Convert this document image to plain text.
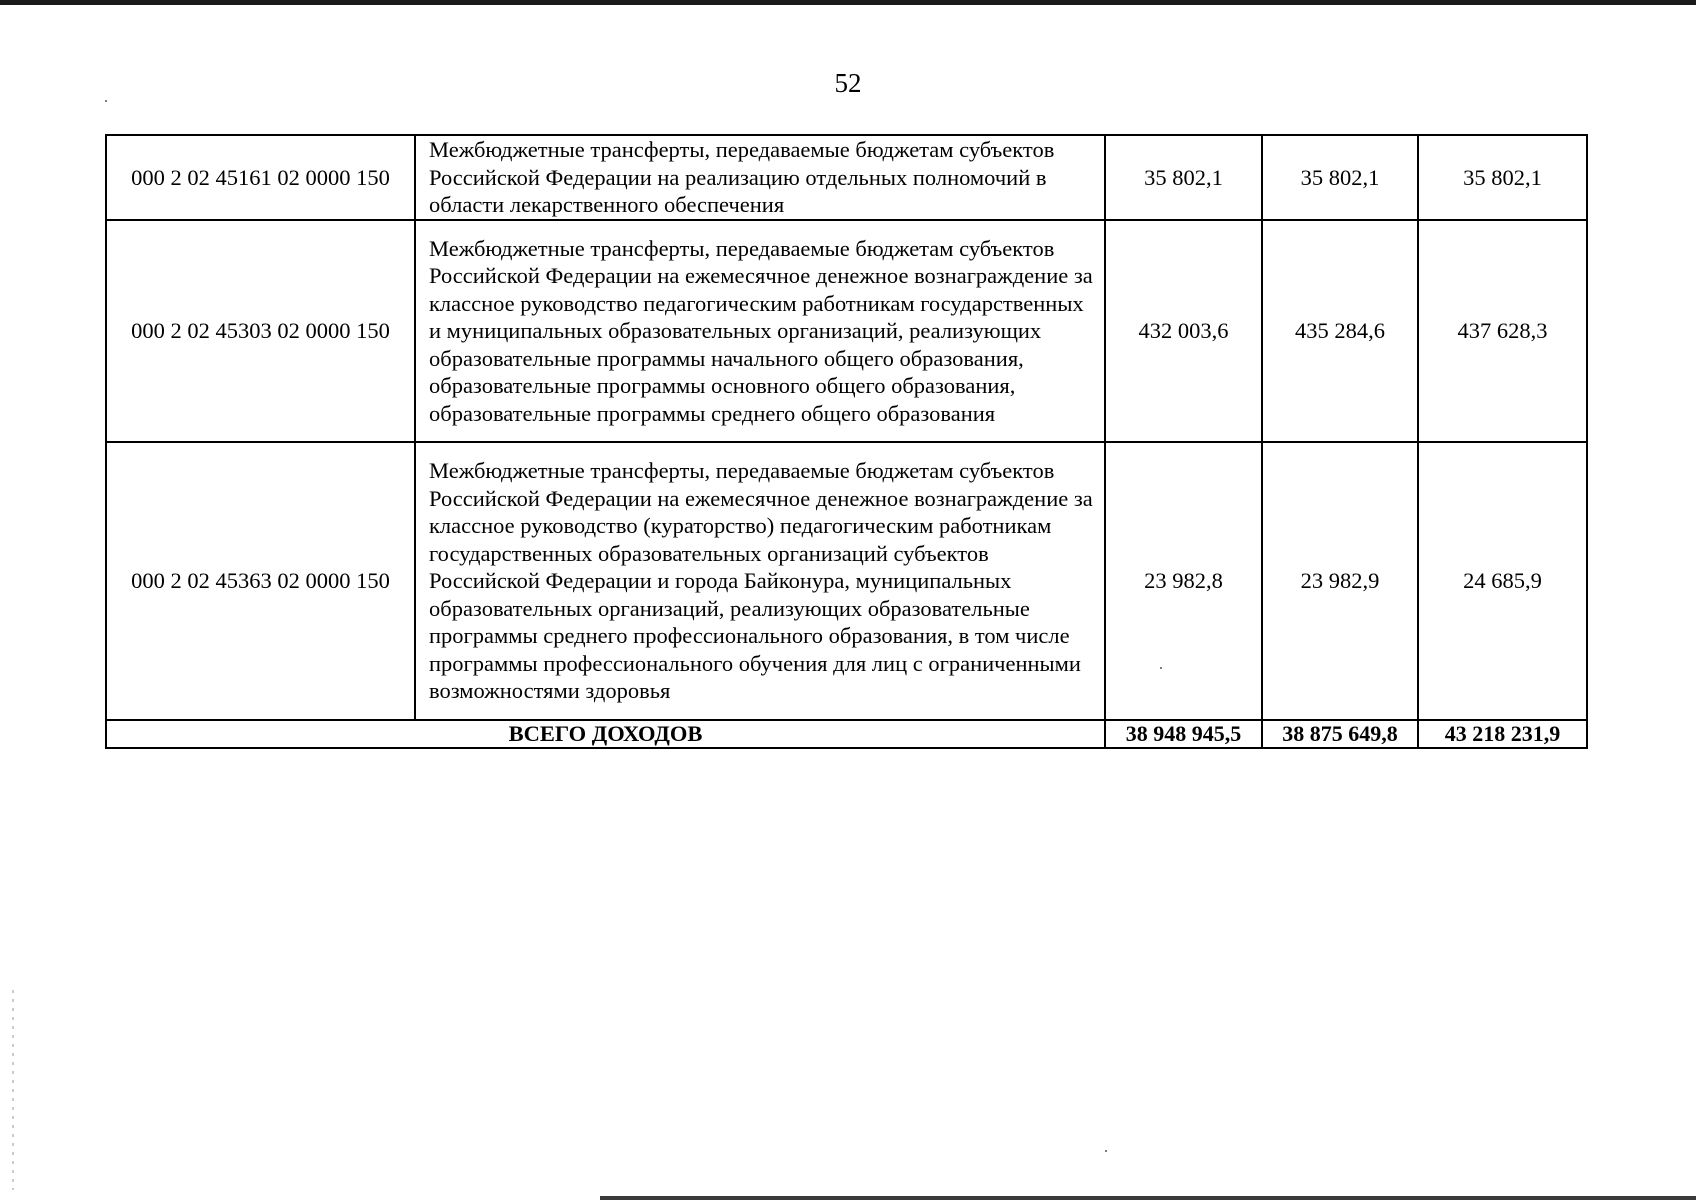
52
000 2 02 45161 02 0000 150	Межбюджетные трансферты, передаваемые бюджетам субъектов Российской Федерации на реализацию отдельных полномочий в области лекарственного обеспечения	35 802,1	35 802,1	35 802,1
000 2 02 45303 02 0000 150	Межбюджетные трансферты, передаваемые бюджетам субъектов Российской Федерации на ежемесячное денежное вознаграждение за классное руководство педагогическим работникам государственных и муниципальных образовательных организаций, реализующих образовательные программы начального общего образования, образовательные программы основного общего образования, образовательные программы среднего общего образования	432 003,6	435 284,6	437 628,3
000 2 02 45363 02 0000 150	Межбюджетные трансферты, передаваемые бюджетам субъектов Российской Федерации на ежемесячное денежное вознаграждение за классное руководство (кураторство) педагогическим работникам государственных образовательных организаций субъектов Российской Федерации и города Байконура, муниципальных образовательных организаций, реализующих образовательные программы среднего профессионального образования, в том числе программы профессионального обучения для лиц с ограниченными возможностями здоровья	23 982,8	23 982,9	24 685,9
ВСЕГО ДОХОДОВ		38 948 945,5	38 875 649,8	43 218 231,9
